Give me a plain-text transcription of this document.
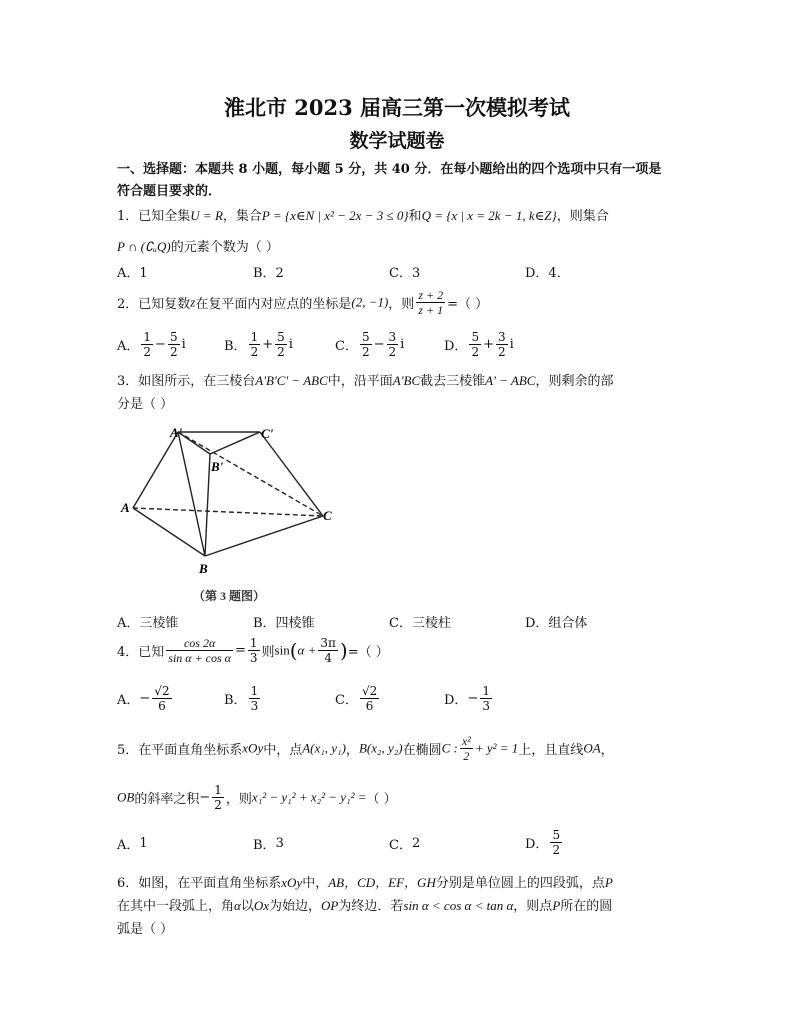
淮北市 2023 届高三第一次模拟考试
数学试题卷
一、选择题：本题共 8 小题，每小题 5 分，共 40 分．在每小题给出的四个选项中只有一项是
符合题目要求的．
1．已知全集U = R，集合P = {x∈N | x² − 2x − 3 ≤ 0}和Q = {x | x = 2k − 1, k∈Z}，则集合
P ∩ (∁ᵤQ)的元素个数为（ ）
A．1	B．2	C．3	D．4．
2．已知复数z在复平面内对应点的坐标是(2, −1)，则 $\frac{z + 2}{z + 1}$ =（ ）
A． $\frac{1}{2} - \frac{5}{2}$ i	B． $\frac{1}{2} + \frac{5}{2}$ i	C． $\frac{5}{2} - \frac{3}{2}$ i	D． $\frac{5}{2} + \frac{3}{2}$ i
3．如图所示，在三棱台A'B'C' − ABC中，沿平面A'BC截去三棱锥A' − ABC，则剩余的部
分是（ ）
A'	C'
B'
A
B
C
（第 3 题图）
A．三棱锥	B．四棱锥	C．三棱柱	D．组合体
4．已知 $\frac{\cos 2\alpha}{\text{sin α + cos α}} = \frac{1}{3}$ 则$\sin(\alpha + \frac{3\pi}{4}$ )=（ ）
A．− $\frac{√2}{6}$	B． $\frac{1}{3}$	C． $\frac{√2}{6}$	D．− $\frac{1}{3}$
5．在平面直角坐标系xOy中，点A(x₁, y₁)，B(x₂, y₂)在椭圆C : $\frac{\text{x²}}{2} + y^2 = 1$上，且直线OA，
OB的斜率之积− $\frac{1}{2}$ ，则x₁² − y₁² + x₂² − y₁² =（ ）
A．1	B．3	C．2	D． $\frac{5}{2}$
6．如图，在平面直角坐标系xOy中，AB，CD，EF，GH分别是单位圆上的四段弧，点P
在其中一段弧上，角α以Ox为始边，OP为终边．若sin α < cos α < tan α，则点P所在的圆
弧是（ ）
